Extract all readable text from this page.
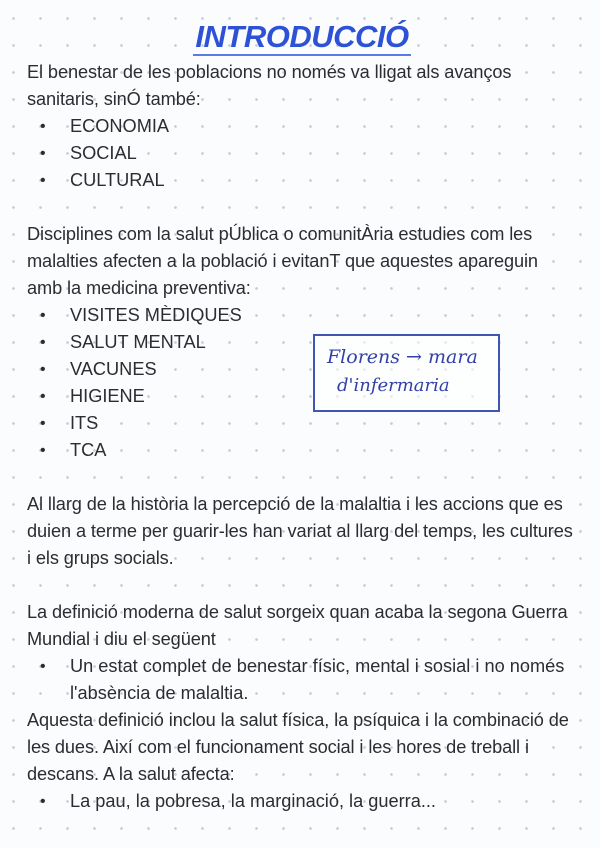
INTRODUCCIÓ

El benestar de les poblacions no només va lligat als avanços sanitaris, sinÓ també:

• ECONOMIA
• SOCIAL
• CULTURAL

Disciplines com la salut pÚblica o comunitÀria estudies com les malalties afecten a la població i evitanT que aquestes apareguin amb la medicina preventiva:

• VISITES MÈDIQUES
• SALUT MENTAL
• VACUNES
• HIGIENE
• ITS
• TCA

Al llarg de la història la percepció de la malaltia i les accions que es duien a terme per guarir-les han variat al llarg del temps, les cultures i els grups socials.

La definició moderna de salut sorgeix quan acaba la segona Guerra Mundial i diu el següent

• Un estat complet de benestar físic, mental i sosial i no només l'absència de malaltia.

Aquesta definició inclou la salut física, la psíquica i la combinació de les dues. Així com el funcionament social i les hores de treball i descans. A la salut afecta:

• La pau, la pobresa, la marginació, la guerra...
Florens → mara
d'infermaria
